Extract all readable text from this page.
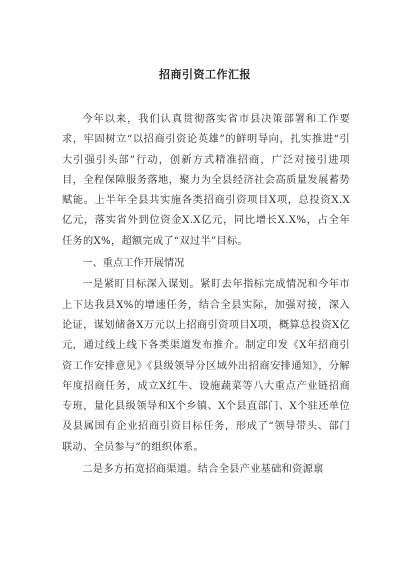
招商引资工作汇报

今年以来，我们认真贯彻落实省市县决策部署和工作要求，牢固树立“以招商引资论英雄”的鲜明导向，扎实推进“引大引强引头部”行动，创新方式精准招商，广泛对接引进项目，全程保障服务落地，聚力为全县经济社会高质量发展蓄势赋能。上半年全县共实施各类招商引资项目X项，总投资X.X亿元，落实省外到位资金X.X亿元，同比增长X.X%，占全年任务的X%，超额完成了“双过半”目标。

一、重点工作开展情况

一是紧盯目标深入谋划。紧盯去年指标完成情况和今年市上下达我县X%的增速任务，结合全县实际，加强对接，深入论证，谋划储备X万元以上招商引资项目X项，概算总投资X亿元，通过线上线下各类渠道发布推介。制定印发《X年招商引资工作安排意见》《县级领导分区域外出招商安排通知》，分解年度招商任务，成立X红牛、设施蔬菜等八大重点产业链招商专班，量化县级领导和X个乡镇、X个县直部门、X个驻还单位及县属国有企业招商引资目标任务，形成了“领导带头、部门联动、全员参与”的组织体系。

二是多方拓宽招商渠道。结合全县产业基础和资源禀
